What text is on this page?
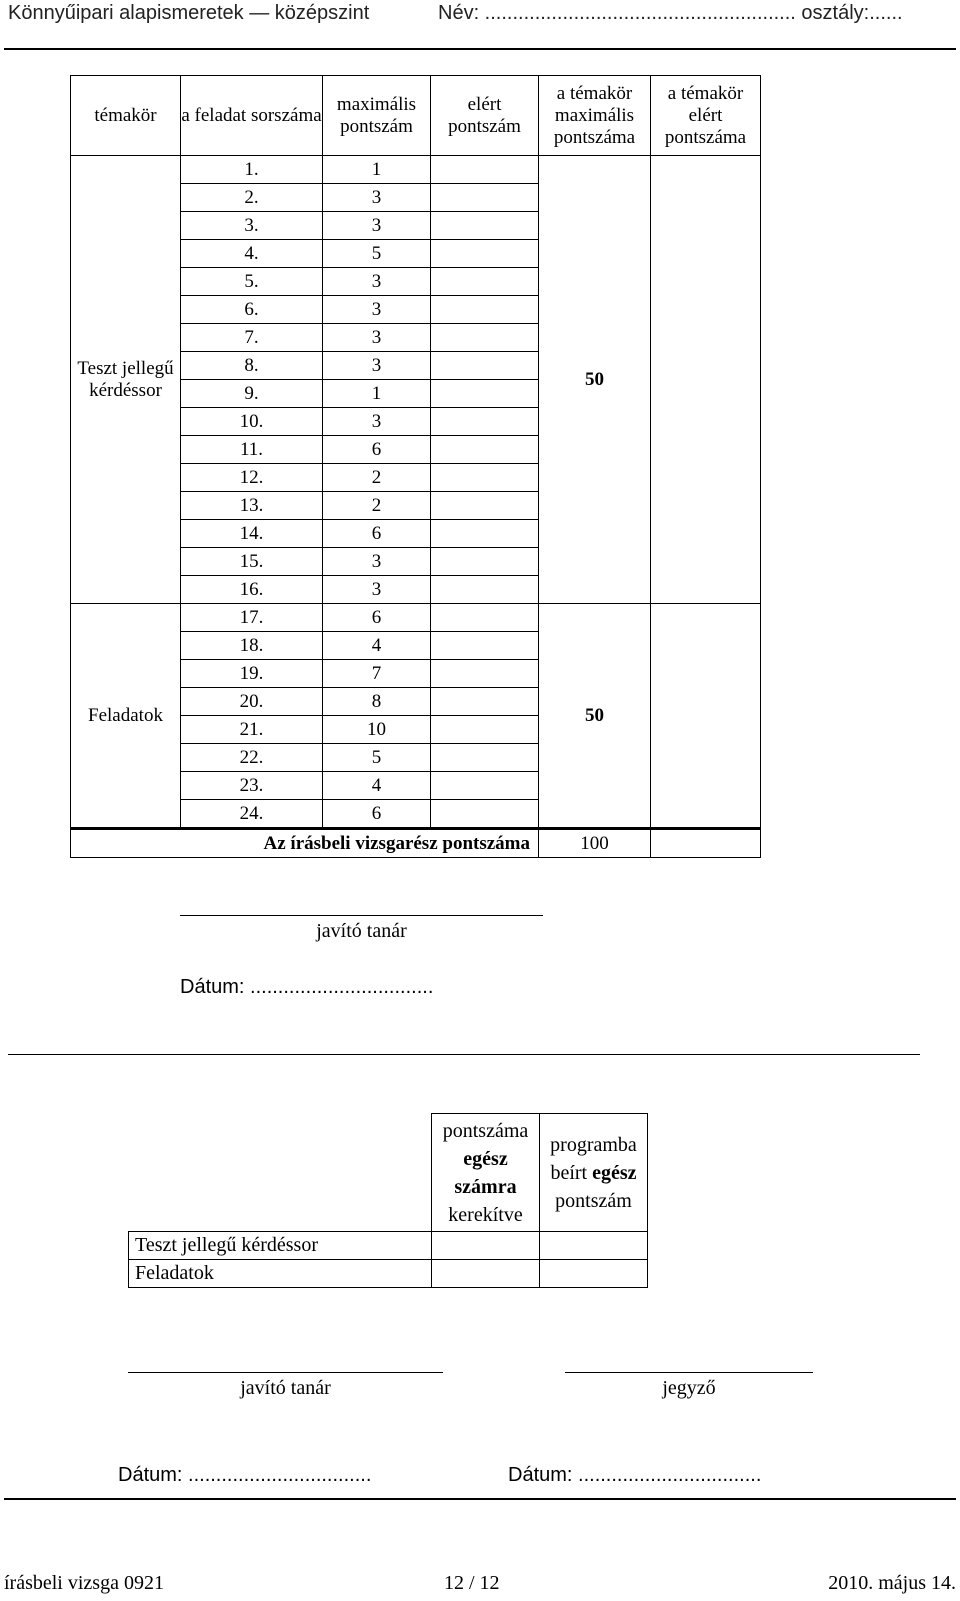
Könnyűipari alapismeretek — középszint	Név: ........................................................ osztály:......
témakör	a feladat sorszáma	maximális pontszám	elért pontszám	a témakör maximális pontszáma	a témakör elért pontszáma
Teszt jellegű kérdéssor	1.	1		50	
	2.	3			
	3.	3			
	4.	5			
	5.	3			
	6.	3			
	7.	3			
	8.	3			
	9.	1			
	10.	3			
	11.	6			
	12.	2			
	13.	2			
	14.	6			
	15.	3			
	16.	3			
Feladatok	17.	6		50	
	18.	4			
	19.	7			
	20.	8			
	21.	10			
	22.	5			
	23.	4			
	24.	6			
Az írásbeli vizsgarész pontszáma				100	
javító tanár
Dátum: .................................
	pontszáma
egész
számra
kerekítve	programba
beírt egész
pontszám
Teszt jellegű kérdéssor		
Feladatok		
javító tanár	jegyző
Dátum: .................................	Dátum: .................................
írásbeli vizsga 0921	12 / 12	2010. május 14.
